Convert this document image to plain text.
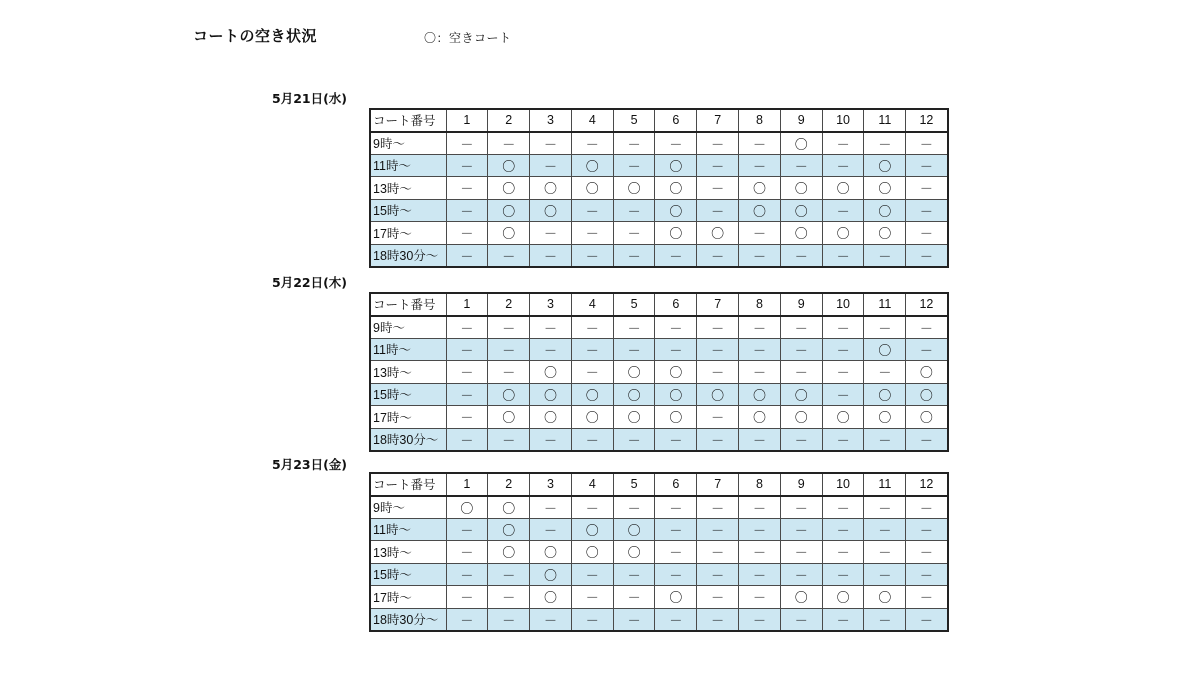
コートの空き状況	〇：空きコート
5月21日(水)
コート番号	1	2	3	4	5	6	7	8	9	10	11	12
9時～	－	－	－	－	－	－	－	－	〇	－	－	－
11時～	－	〇	－	〇	－	〇	－	－	－	－	〇	－
13時～	－	〇	〇	〇	〇	〇	－	〇	〇	〇	〇	－
15時～	－	〇	〇	－	－	〇	－	〇	〇	－	〇	－
17時～	－	〇	－	－	－	〇	〇	－	〇	〇	〇	－
18時30分～	－	－	－	－	－	－	－	－	－	－	－	－
5月22日(木)
コート番号	1	2	3	4	5	6	7	8	9	10	11	12
9時～	－	－	－	－	－	－	－	－	－	－	－	－
11時～	－	－	－	－	－	－	－	－	－	－	〇	－
13時～	－	－	〇	－	〇	〇	－	－	－	－	－	〇
15時～	－	〇	〇	〇	〇	〇	〇	〇	〇	－	〇	〇
17時～	－	〇	〇	〇	〇	〇	－	〇	〇	〇	〇	〇
18時30分～	－	－	－	－	－	－	－	－	－	－	－	－
5月23日(金)
コート番号	1	2	3	4	5	6	7	8	9	10	11	12
9時～	〇	〇	－	－	－	－	－	－	－	－	－	－
11時～	－	〇	－	〇	〇	－	－	－	－	－	－	－
13時～	－	〇	〇	〇	〇	－	－	－	－	－	－	－
15時～	－	－	〇	－	－	－	－	－	－	－	－	－
17時～	－	－	〇	－	－	〇	－	－	〇	〇	〇	－
18時30分～	－	－	－	－	－	－	－	－	－	－	－	－
